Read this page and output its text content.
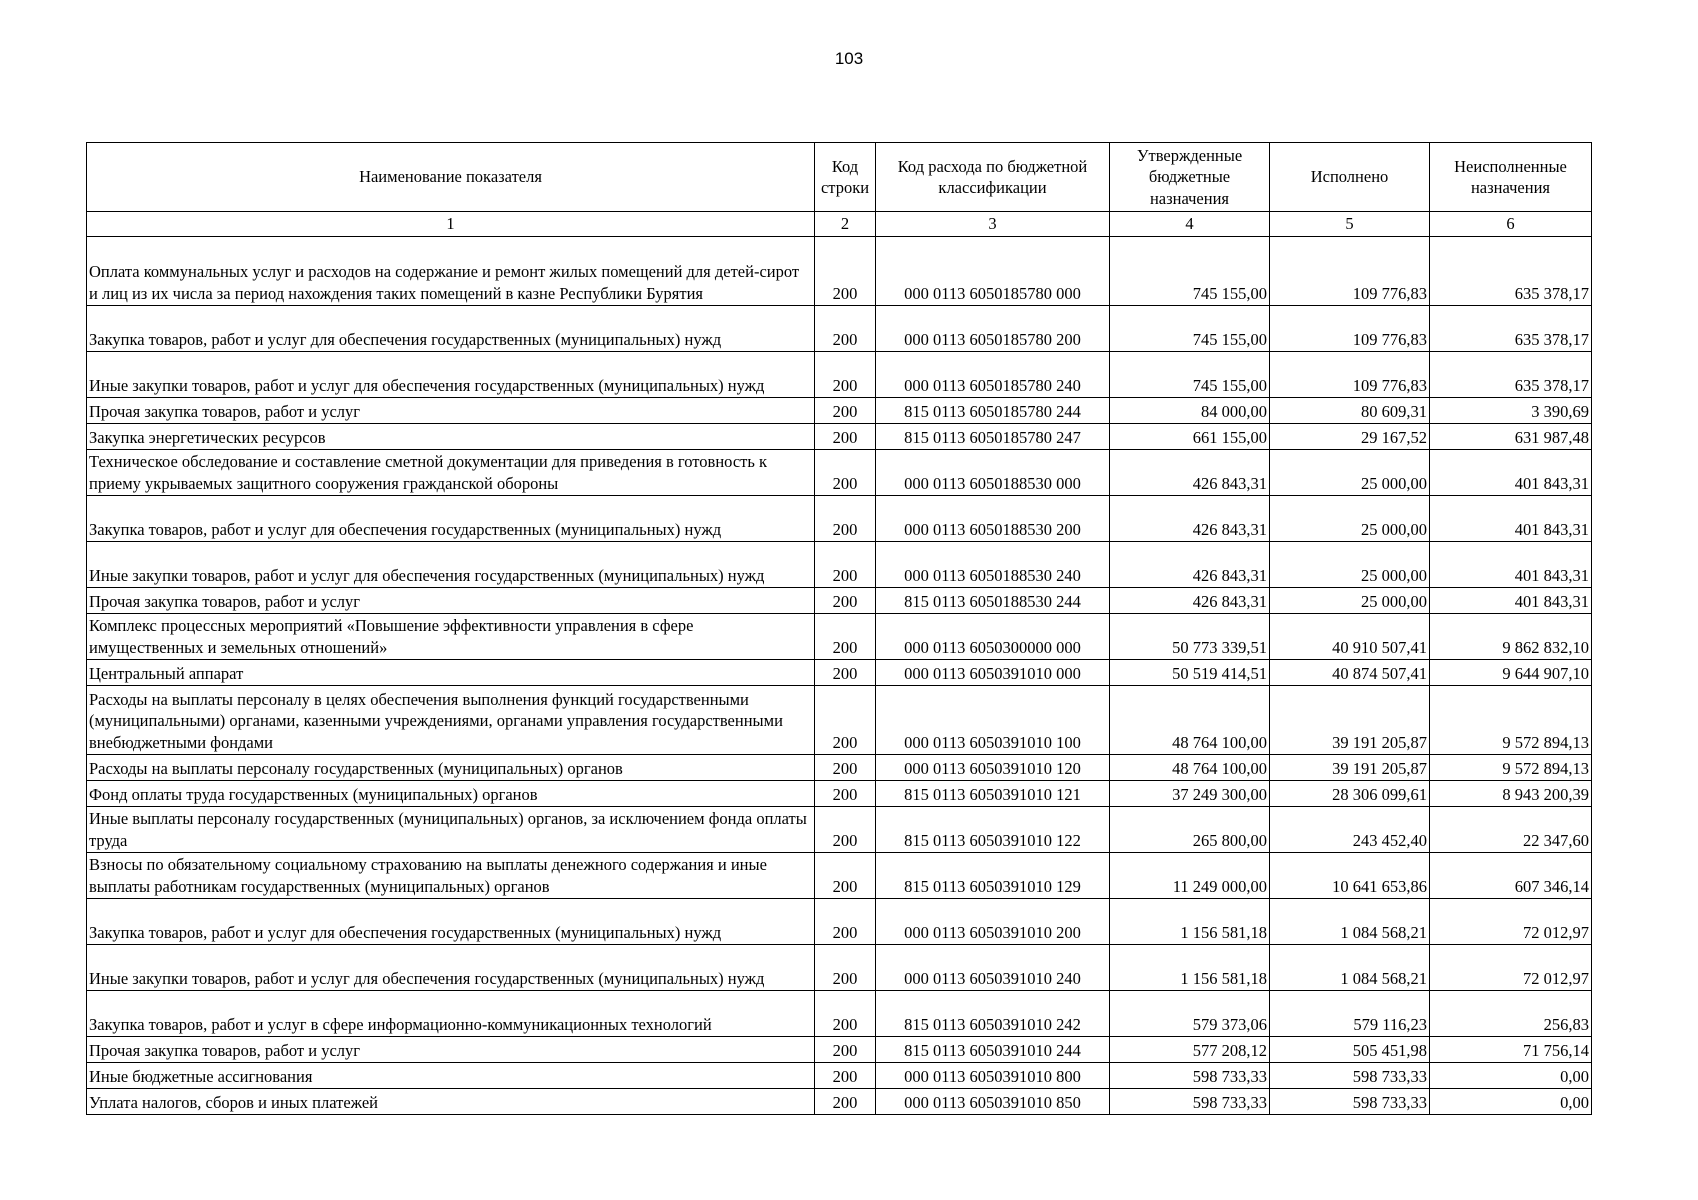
103
Наименование показателя	Код строки	Код расхода по бюджетной классификации	Утвержденные бюджетные назначения	Исполнено	Неисполненные назначения
1	2	3	4	5	6
Оплата коммунальных услуг и расходов на содержание и ремонт жилых помещений для детей-сирот и лиц из их числа за период нахождения таких помещений в казне Республики Бурятия	200	000 0113 6050185780 000	745 155,00	109 776,83	635 378,17
Закупка товаров, работ и услуг для обеспечения государственных (муниципальных) нужд	200	000 0113 6050185780 200	745 155,00	109 776,83	635 378,17
Иные закупки товаров, работ и услуг для обеспечения государственных (муниципальных) нужд	200	000 0113 6050185780 240	745 155,00	109 776,83	635 378,17
Прочая закупка товаров, работ и услуг	200	815 0113 6050185780 244	84 000,00	80 609,31	3 390,69
Закупка энергетических ресурсов	200	815 0113 6050185780 247	661 155,00	29 167,52	631 987,48
Техническое обследование и составление сметной документации для приведения в готовность к приему укрываемых защитного сооружения гражданской обороны	200	000 0113 6050188530 000	426 843,31	25 000,00	401 843,31
Закупка товаров, работ и услуг для обеспечения государственных (муниципальных) нужд	200	000 0113 6050188530 200	426 843,31	25 000,00	401 843,31
Иные закупки товаров, работ и услуг для обеспечения государственных (муниципальных) нужд	200	000 0113 6050188530 240	426 843,31	25 000,00	401 843,31
Прочая закупка товаров, работ и услуг	200	815 0113 6050188530 244	426 843,31	25 000,00	401 843,31
Комплекс процессных мероприятий «Повышение эффективности управления в сфере имущественных и земельных отношений»	200	000 0113 6050300000 000	50 773 339,51	40 910 507,41	9 862 832,10
Центральный аппарат	200	000 0113 6050391010 000	50 519 414,51	40 874 507,41	9 644 907,10
Расходы на выплаты персоналу в целях обеспечения выполнения функций государственными (муниципальными) органами, казенными учреждениями, органами управления государственными внебюджетными фондами	200	000 0113 6050391010 100	48 764 100,00	39 191 205,87	9 572 894,13
Расходы на выплаты персоналу государственных (муниципальных) органов	200	000 0113 6050391010 120	48 764 100,00	39 191 205,87	9 572 894,13
Фонд оплаты труда государственных (муниципальных) органов	200	815 0113 6050391010 121	37 249 300,00	28 306 099,61	8 943 200,39
Иные выплаты персоналу государственных (муниципальных) органов, за исключением фонда оплаты труда	200	815 0113 6050391010 122	265 800,00	243 452,40	22 347,60
Взносы по обязательному социальному страхованию на выплаты денежного содержания и иные выплаты работникам государственных (муниципальных) органов	200	815 0113 6050391010 129	11 249 000,00	10 641 653,86	607 346,14
Закупка товаров, работ и услуг для обеспечения государственных (муниципальных) нужд	200	000 0113 6050391010 200	1 156 581,18	1 084 568,21	72 012,97
Иные закупки товаров, работ и услуг для обеспечения государственных (муниципальных) нужд	200	000 0113 6050391010 240	1 156 581,18	1 084 568,21	72 012,97
Закупка товаров, работ и услуг в сфере информационно-коммуникационных технологий	200	815 0113 6050391010 242	579 373,06	579 116,23	256,83
Прочая закупка товаров, работ и услуг	200	815 0113 6050391010 244	577 208,12	505 451,98	71 756,14
Иные бюджетные ассигнования	200	000 0113 6050391010 800	598 733,33	598 733,33	0,00
Уплата налогов, сборов и иных платежей	200	000 0113 6050391010 850	598 733,33	598 733,33	0,00
